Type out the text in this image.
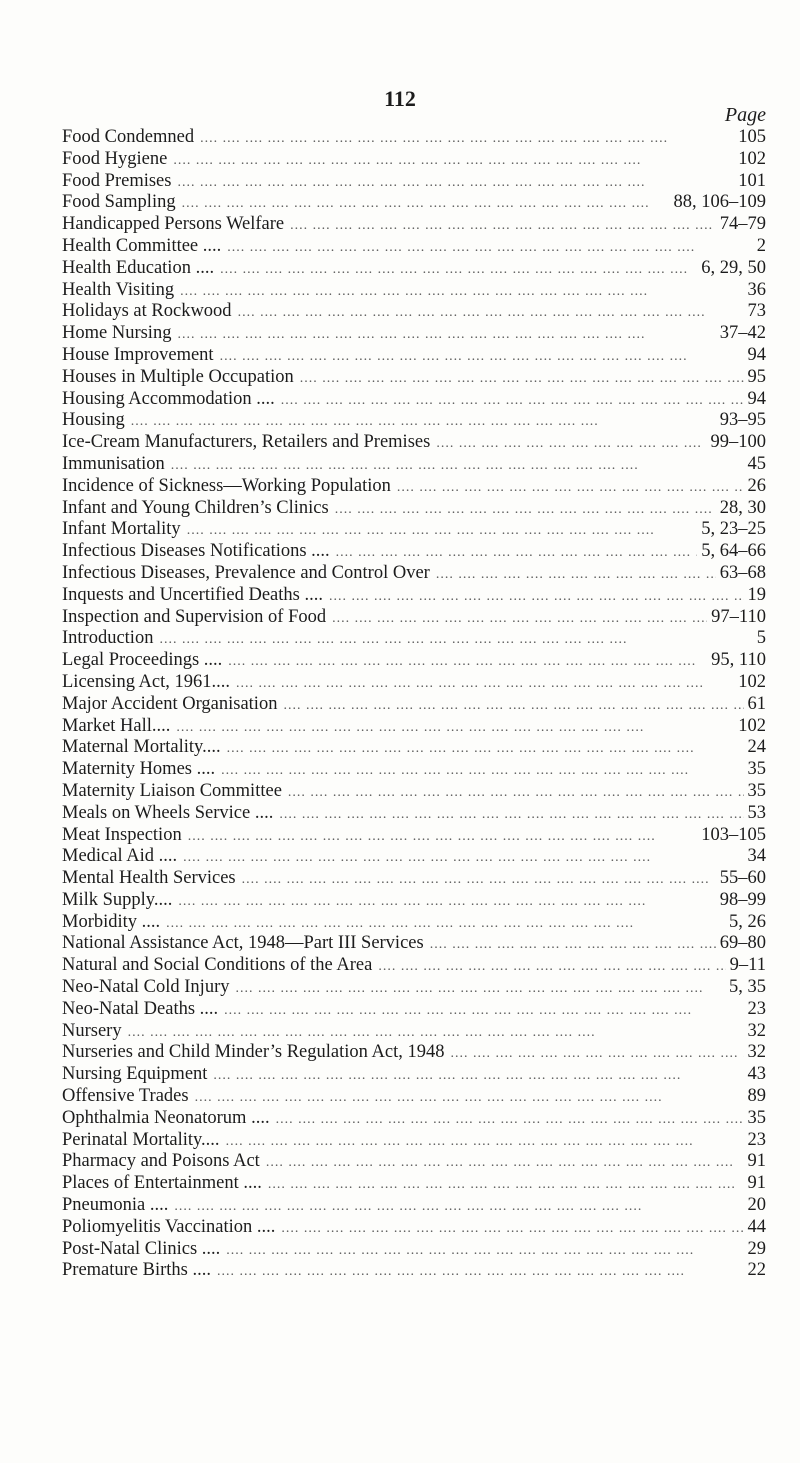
112
Page
Food Condemned ....	105
Food Hygiene ....	102
Food Premises ....	101
Food Sampling ....	88, 106–109
Handicapped Persons Welfare ....	74–79
Health Committee .... ....	2
Health Education .... ....	6, 29, 50
Health Visiting ....	36
Holidays at Rockwood ....	73
Home Nursing ....	37–42
House Improvement ....	94
Houses in Multiple Occupation ....	95
Housing Accommodation .... ....	94
Housing ....	93–95
Ice-Cream Manufacturers, Retailers and Premises ....	99–100
Immunisation ....	45
Incidence of Sickness—Working Population ....	26
Infant and Young Children’s Clinics ....	28, 30
Infant Mortality ....	5, 23–25
Infectious Diseases Notifications .... ....	5, 64–66
Infectious Diseases, Prevalence and Control Over ....	63–68
Inquests and Uncertified Deaths .... ....	19
Inspection and Supervision of Food ....	97–110
Introduction ....	5
Legal Proceedings .... ....	95, 110
Licensing Act, 1961.... ....	102
Major Accident Organisation ....	61
Market Hall.... ....	102
Maternal Mortality.... ....	24
Maternity Homes .... ....	35
Maternity Liaison Committee ....	35
Meals on Wheels Service .... ....	53
Meat Inspection ....	103–105
Medical Aid .... ....	34
Mental Health Services ....	55–60
Milk Supply.... ....	98–99
Morbidity .... ....	5, 26
National Assistance Act, 1948—Part III Services ....	69–80
Natural and Social Conditions of the Area ....	9–11
Neo-Natal Cold Injury ....	5, 35
Neo-Natal Deaths .... ....	23
Nursery ....	32
Nurseries and Child Minder’s Regulation Act, 1948 ....	32
Nursing Equipment ....	43
Offensive Trades ....	89
Ophthalmia Neonatorum .... ....	35
Perinatal Mortality.... ....	23
Pharmacy and Poisons Act ....	91
Places of Entertainment .... ....	91
Pneumonia .... ....	20
Poliomyelitis Vaccination .... ....	44
Post-Natal Clinics .... ....	29
Premature Births .... ....	22
